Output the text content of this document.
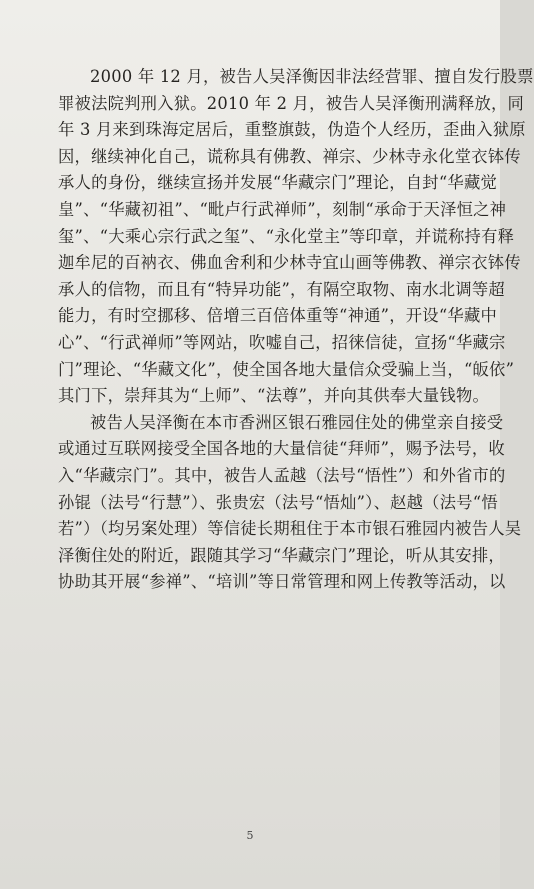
2000 年 12 月，被告人吴泽衡因非法经营罪、擅自发行股票
罪被法院判刑入狱。2010 年 2 月，被告人吴泽衡刑满释放，同
年 3 月来到珠海定居后，重整旗鼓，伪造个人经历，歪曲入狱原
因，继续神化自己，谎称具有佛教、禅宗、少林寺永化堂衣钵传
承人的身份，继续宣扬并发展“华藏宗门”理论，自封“华藏觉
皇”、“华藏初祖”、“毗卢行武禅师”，刻制“承命于天泽恒之神
玺”、“大乘心宗行武之玺”、“永化堂主”等印章，并谎称持有释
迦牟尼的百衲衣、佛血舍利和少林寺宜山画等佛教、禅宗衣钵传
承人的信物，而且有“特异功能”，有隔空取物、南水北调等超
能力，有时空挪移、倍增三百倍体重等“神通”，开设“华藏中
心”、“行武禅师”等网站，吹嘘自己，招徕信徒，宣扬“华藏宗
门”理论、“华藏文化”，使全国各地大量信众受骗上当，“皈依”
其门下，崇拜其为“上师”、“法尊”，并向其供奉大量钱物。

被告人吴泽衡在本市香洲区银石雅园住处的佛堂亲自接受
或通过互联网接受全国各地的大量信徒“拜师”，赐予法号，收
入“华藏宗门”。其中，被告人孟越（法号“悟性”）和外省市的
孙锟（法号“行慧”）、张贵宏（法号“悟灿”）、赵越（法号“悟
若”）（均另案处理）等信徒长期租住于本市银石雅园内被告人吴
泽衡住处的附近，跟随其学习“华藏宗门”理论，听从其安排，
协助其开展“参禅”、“培训”等日常管理和网上传教等活动，以

5
